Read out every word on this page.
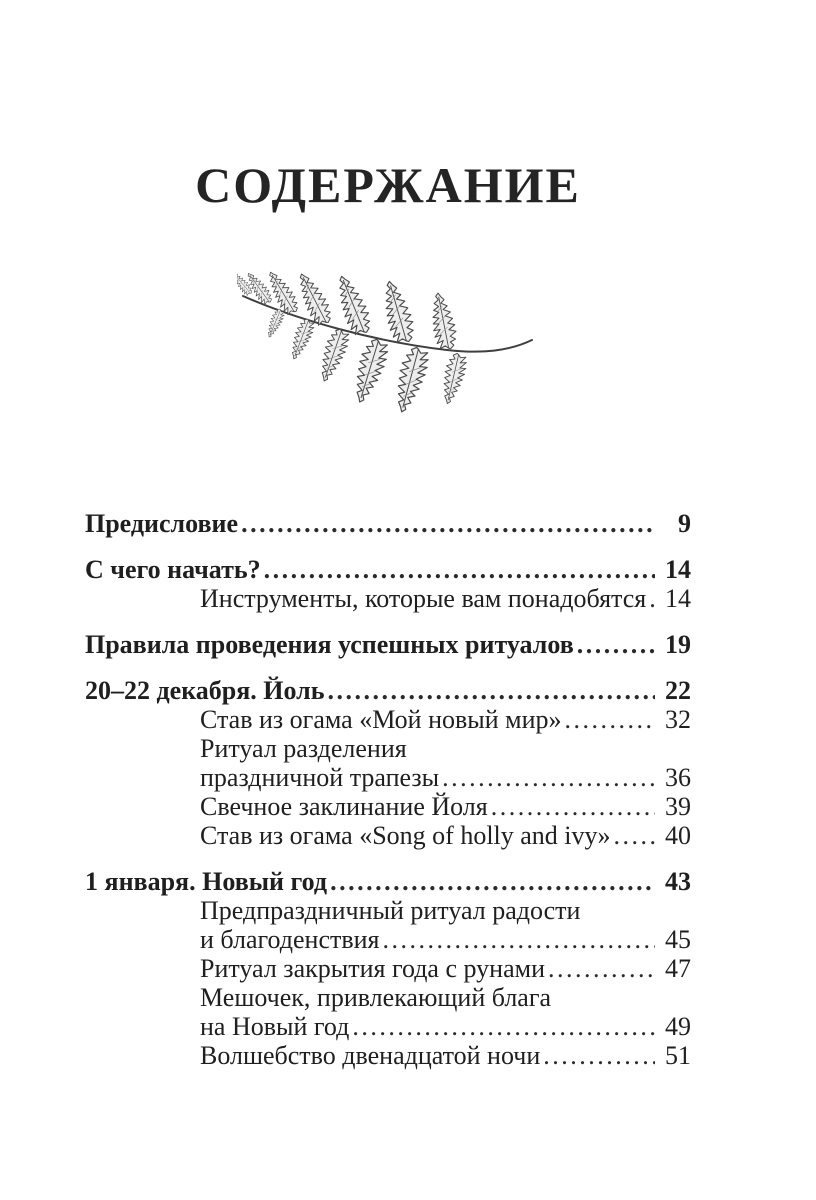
СОДЕРЖАНИЕ
Предисловие .....	9
С чего начать? .....	14
Инструменты, которые вам понадобятся ..... 14
Правила проведения успешных ритуалов .....	19
20–22 декабря. Йоль .....	22
Став из огама «Мой новый мир» .....	32
Ритуал разделения
праздничной трапезы .....	36
Свечное заклинание Йоля .....	39
Став из огама «Song of holly and ivy» ..... 40
1 января. Новый год .....	43
Предпраздничный ритуал радости
и благоденствия .....	45
Ритуал закрытия года с рунами .....	47
Мешочек, привлекающий блага
на Новый год .....	49
Волшебство двенадцатой ночи .....	51
